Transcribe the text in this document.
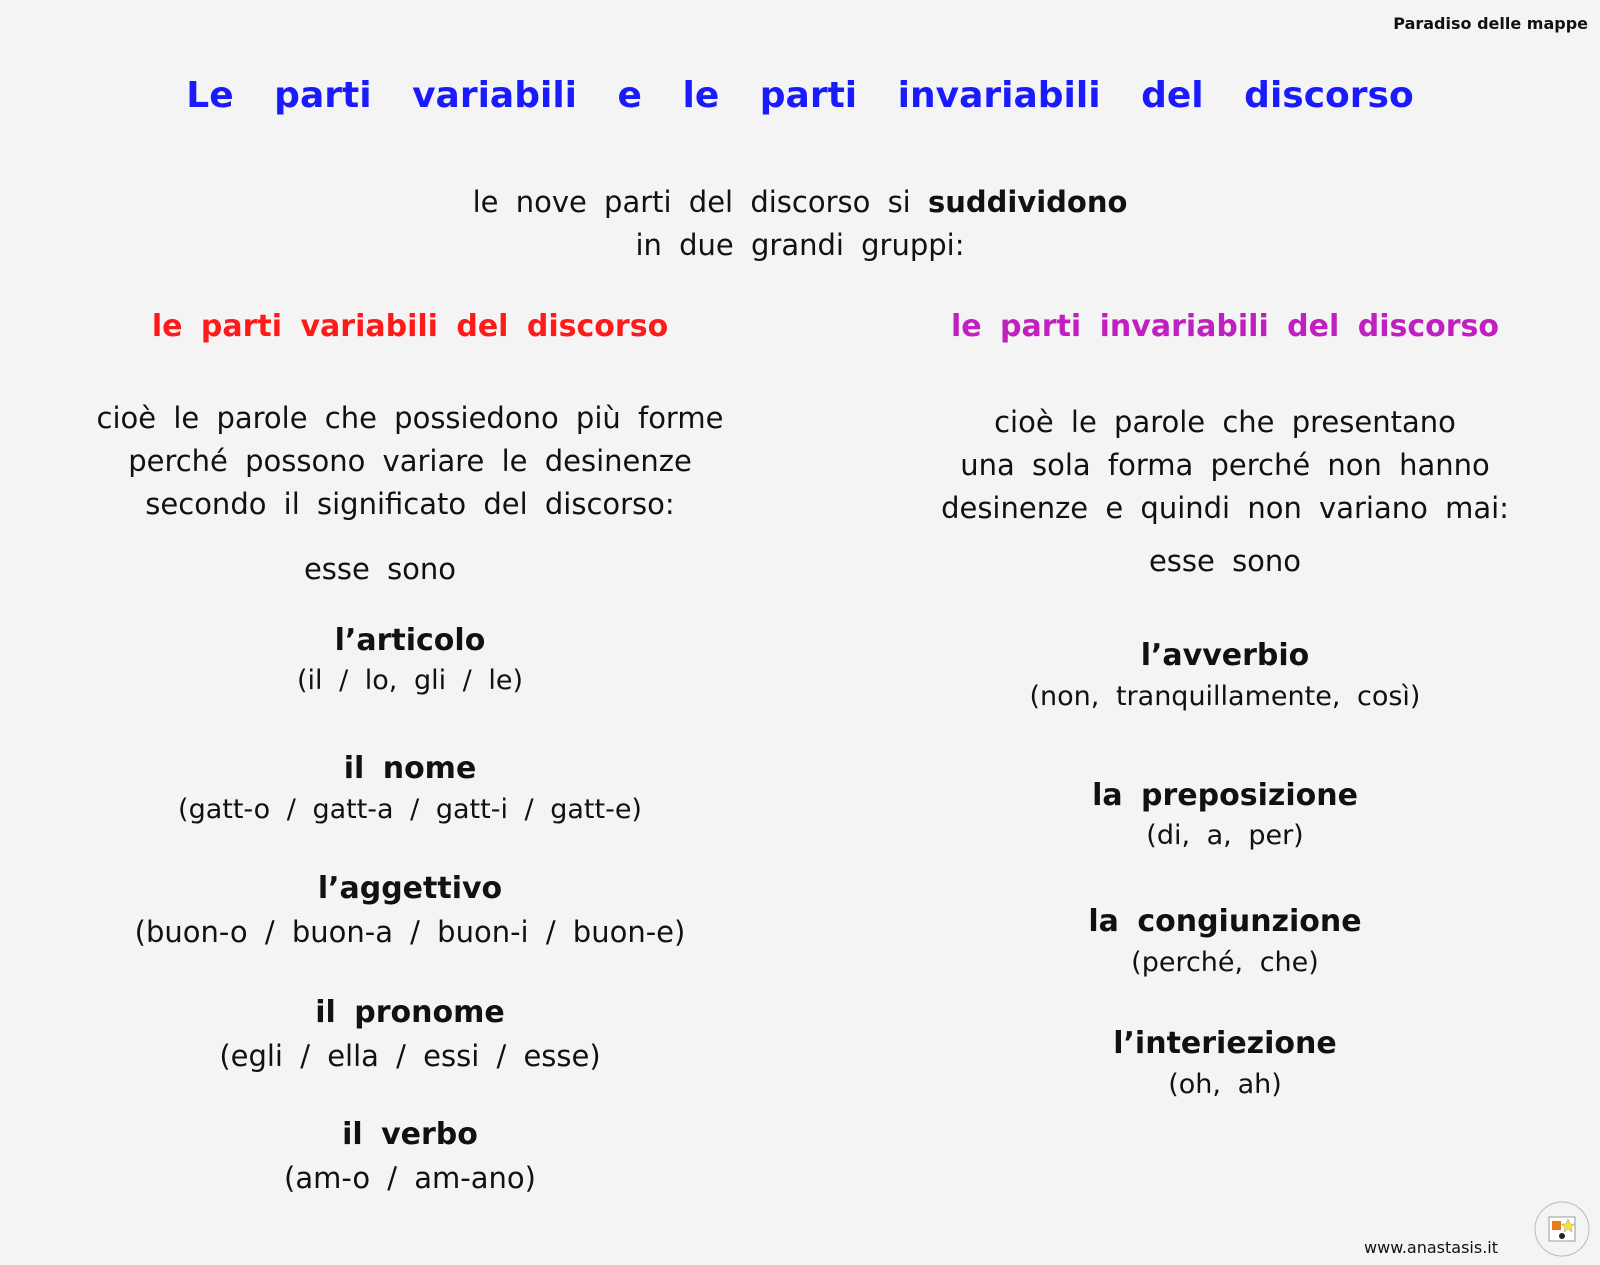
Paradiso delle mappe
Le parti variabili e le parti invariabili del discorso
le nove parti del discorso si suddividono
in due grandi gruppi:
le parti variabili del discorso	le parti invariabili del discorso
cioè le parole che possiedono più forme
perché possono variare le desinenze
secondo il significato del discorso:
esse sono
cioè le parole che presentano
una sola forma perché non hanno
desinenze e quindi non variano mai:
esse sono
l’articolo
(il / lo, gli / le)
il nome
(gatt-o / gatt-a / gatt-i / gatt-e)
l’aggettivo
(buon-o / buon-a / buon-i / buon-e)
il pronome
(egli / ella / essi / esse)
il verbo
(am-o / am-ano)
l’avverbio
(non, tranquillamente, così)
la preposizione
(di, a, per)
la congiunzione
(perché, che)
l’interiezione
(oh, ah)
www.anastasis.it
